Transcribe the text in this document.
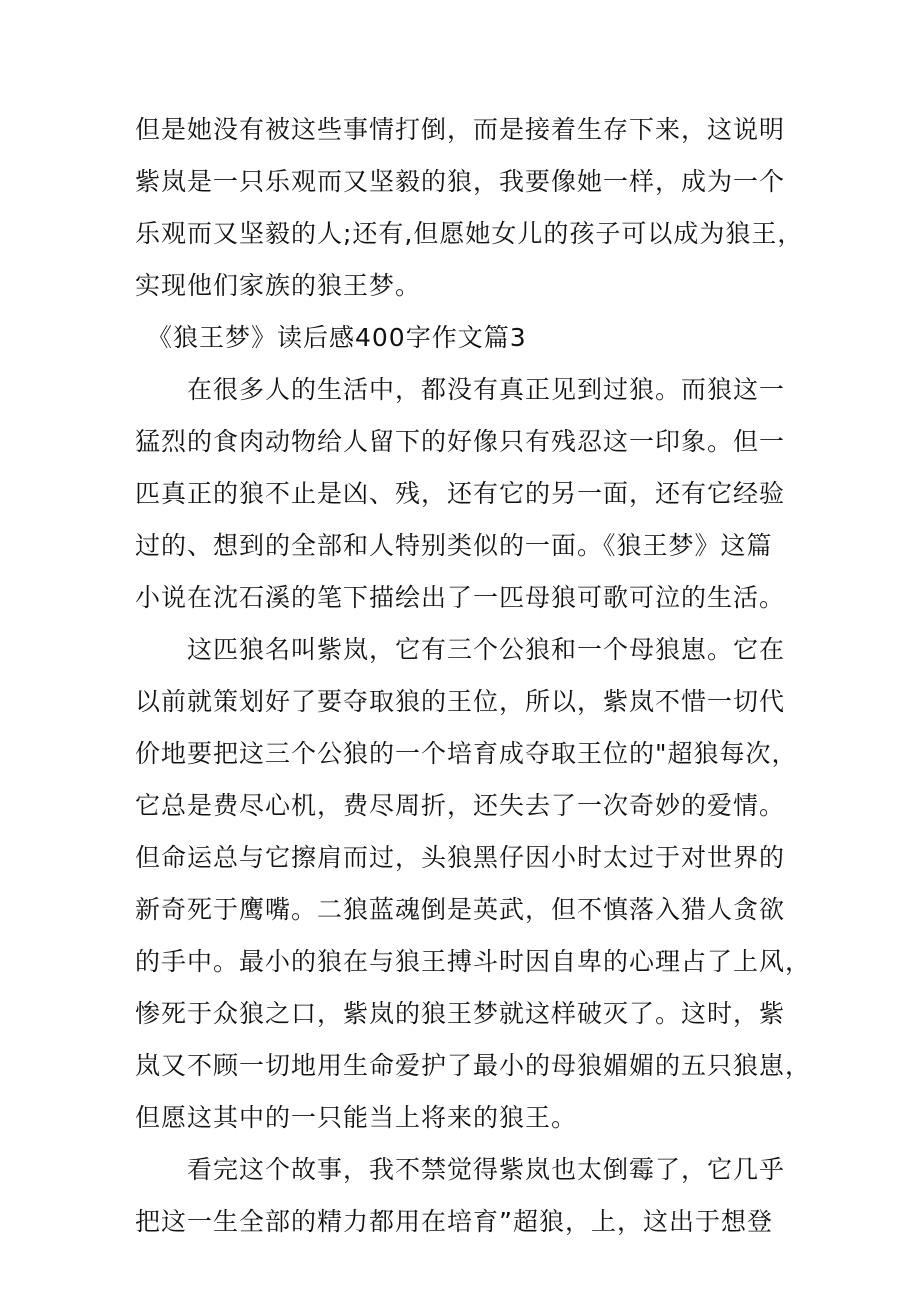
但是她没有被这些事情打倒，而是接着生存下来，这说明
紫岚是一只乐观而又坚毅的狼，我要像她一样，成为一个
乐观而又坚毅的人;还有,但愿她女儿的孩子可以成为狼王，
实现他们家族的狼王梦。
《狼王梦》读后感400字作文篇3
在很多人的生活中，都没有真正见到过狼。而狼这一
猛烈的食肉动物给人留下的好像只有残忍这一印象。但一
匹真正的狼不止是凶、残，还有它的另一面，还有它经验
过的、想到的全部和人特别类似的一面。《狼王梦》这篇
小说在沈石溪的笔下描绘出了一匹母狼可歌可泣的生活。
这匹狼名叫紫岚，它有三个公狼和一个母狼崽。它在
以前就策划好了要夺取狼的王位，所以，紫岚不惜一切代
价地要把这三个公狼的一个培育成夺取王位的"超狼每次，
它总是费尽心机，费尽周折，还失去了一次奇妙的爱情。
但命运总与它擦肩而过，头狼黑仔因小时太过于对世界的
新奇死于鹰嘴。二狼蓝魂倒是英武，但不慎落入猎人贪欲
的手中。最小的狼在与狼王搏斗时因自卑的心理占了上风，
惨死于众狼之口，紫岚的狼王梦就这样破灭了。这时，紫
岚又不顾一切地用生命爱护了最小的母狼媚媚的五只狼崽，
但愿这其中的一只能当上将来的狼王。
看完这个故事，我不禁觉得紫岚也太倒霉了，它几乎
把这一生全部的精力都用在培育”超狼，上，这出于想登
